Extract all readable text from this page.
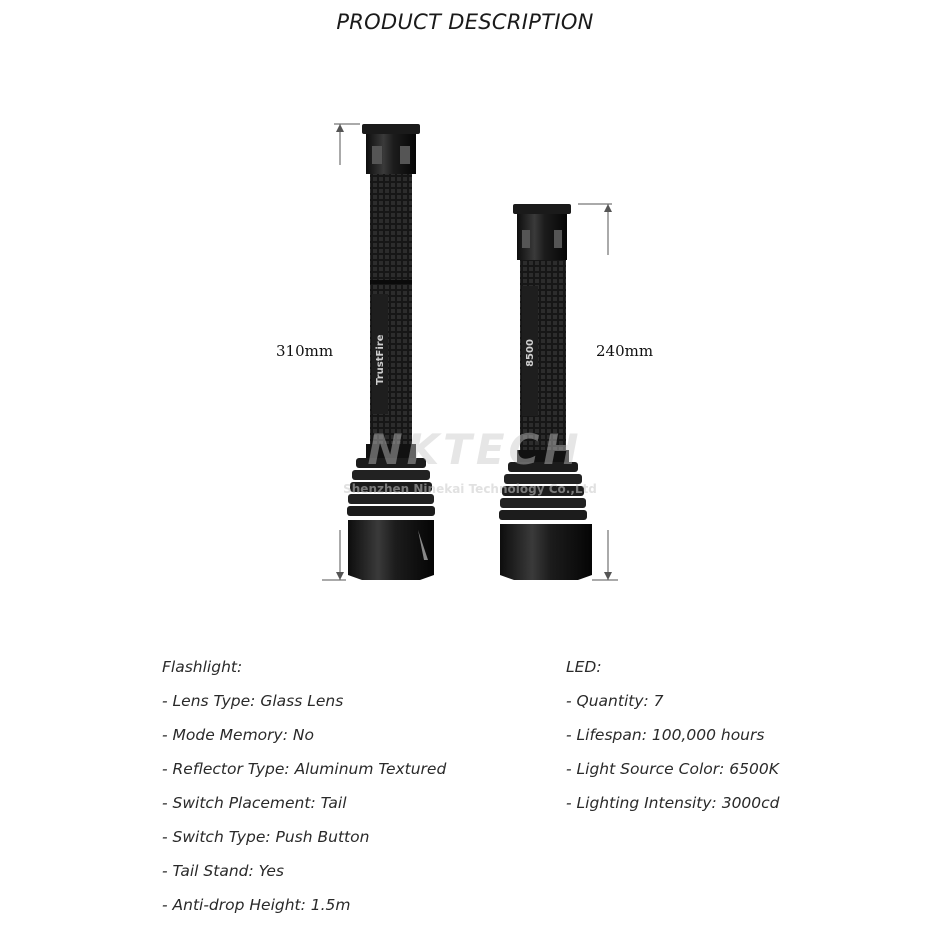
PRODUCT DESCRIPTION
310mm	240mm
TrustFire	8500
NKTECH
Shenzhen Ninekai Technology Co.,Ltd
Flashlight:
- Lens Type: Glass Lens
- Mode Memory: No
- Reflector Type: Aluminum Textured
- Switch Placement: Tail
- Switch Type: Push Button
- Tail Stand: Yes
- Anti-drop Height: 1.5m
LED:
- Quantity: 7
- Lifespan: 100,000 hours
- Light Source Color: 6500K
- Lighting Intensity: 3000cd
